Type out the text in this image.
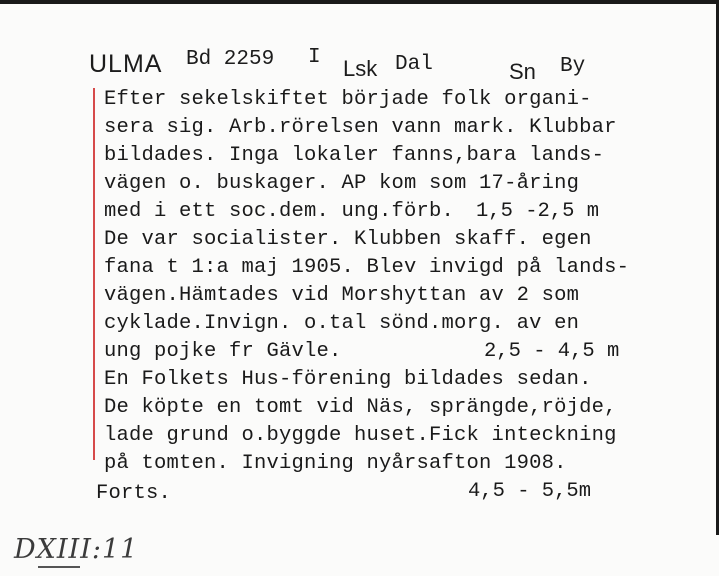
ULMA Bd 2259 I Lsk Dal	Sn By
Efter sekelskiftet började folk organi-
sera sig. Arb.rörelsen vann mark. Klubbar
bildades. Inga lokaler fanns,bara lands-
vägen o. buskager. AP kom som 17-åring
med i ett soc.dem. ung.förb. 1,5 -2,5 m
De var socialister. Klubben skaff. egen
fana t 1:a maj 1905. Blev invigd på lands-
vägen.Hämtades vid Morshyttan av 2 som
cyklade.Invign. o.tal sönd.morg. av en
ung pojke fr Gävle.	2,5 - 4,5 m
En Folkets Hus-förening bildades sedan.
De köpte en tomt vid Näs, sprängde,röjde,
lade grund o.byggde huset.Fick inteckning
på tomten. Invigning nyårsafton 1908.
Forts.	4,5 - 5,5m
DXIII:11
